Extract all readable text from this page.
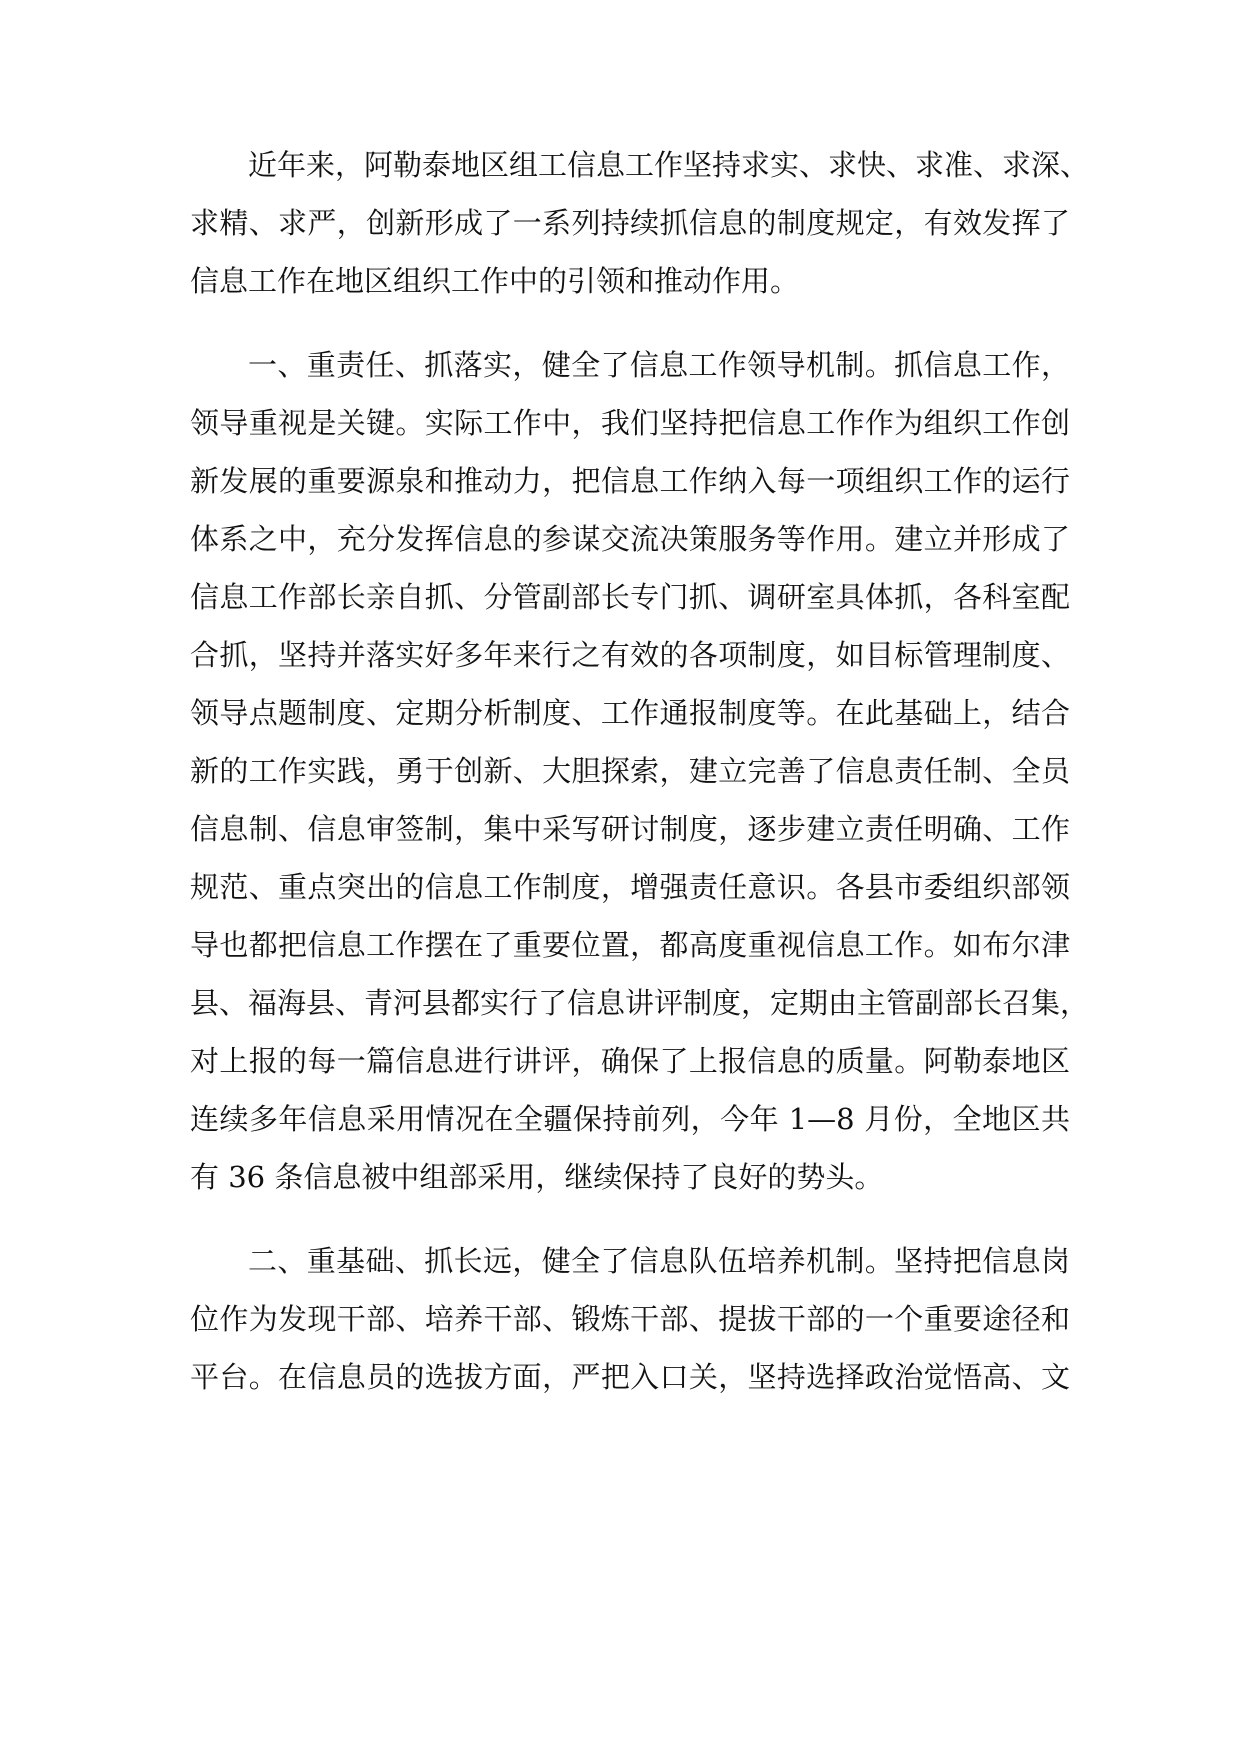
近年来，阿勒泰地区组工信息工作坚持求实、求快、求准、求深、
求精、求严，创新形成了一系列持续抓信息的制度规定，有效发挥了
信息工作在地区组织工作中的引领和推动作用。
一、重责任、抓落实，健全了信息工作领导机制。抓信息工作，
领导重视是关键。实际工作中，我们坚持把信息工作作为组织工作创
新发展的重要源泉和推动力，把信息工作纳入每一项组织工作的运行
体系之中，充分发挥信息的参谋交流决策服务等作用。建立并形成了
信息工作部长亲自抓、分管副部长专门抓、调研室具体抓，各科室配
合抓，坚持并落实好多年来行之有效的各项制度，如目标管理制度、
领导点题制度、定期分析制度、工作通报制度等。在此基础上，结合
新的工作实践，勇于创新、大胆探索，建立完善了信息责任制、全员
信息制、信息审签制，集中采写研讨制度，逐步建立责任明确、工作
规范、重点突出的信息工作制度，增强责任意识。各县市委组织部领
导也都把信息工作摆在了重要位置，都高度重视信息工作。如布尔津
县、福海县、青河县都实行了信息讲评制度，定期由主管副部长召集，
对上报的每一篇信息进行讲评，确保了上报信息的质量。阿勒泰地区
连续多年信息采用情况在全疆保持前列，今年 1—8 月份，全地区共
有 36 条信息被中组部采用，继续保持了良好的势头。
二、重基础、抓长远，健全了信息队伍培养机制。坚持把信息岗
位作为发现干部、培养干部、锻炼干部、提拔干部的一个重要途径和
平台。在信息员的选拔方面，严把入口关，坚持选择政治觉悟高、文
